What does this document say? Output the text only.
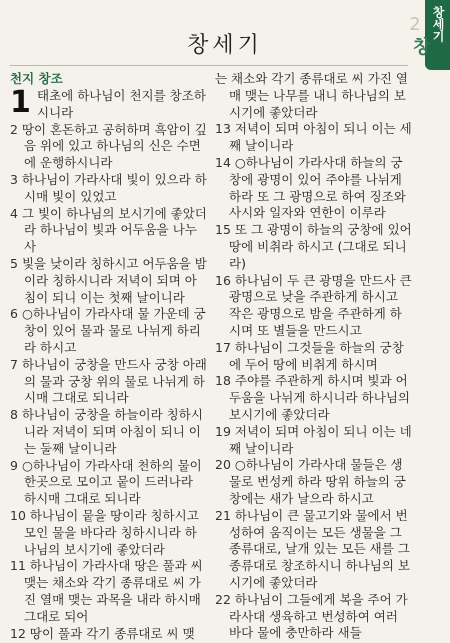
2 창세기
창
창세기
천지 창조

1 태초에 하나님이 천지를 창조하시니라

2 땅이 혼돈하고 공허하며 흑암이 깊음 위에 있고 하나님의 신은 수면에 운행하시니라

3 하나님이 가라사대 빛이 있으라 하시매 빛이 있었고

4 그 빛이 하나님의 보시기에 좋았더라 하나님이 빛과 어두움을 나누사

5 빛을 낮이라 칭하시고 어두움을 밤이라 칭하시니라 저녁이 되며 아침이 되니 이는 첫째 날이니라

6 ○하나님이 가라사대 물 가운데 궁창이 있어 물과 물로 나뉘게 하리라 하시고

7 하나님이 궁창을 만드사 궁창 아래의 물과 궁창 위의 물로 나뉘게 하시매 그대로 되니라

8 하나님이 궁창을 하늘이라 칭하시니라 저녁이 되며 아침이 되니 이는 둘째 날이니라

9 ○하나님이 가라사대 천하의 물이 한곳으로 모이고 뭍이 드러나라 하시매 그대로 되니라

10 하나님이 뭍을 땅이라 칭하시고 모인 물을 바다라 칭하시니라 하나님의 보시기에 좋았더라

11 하나님이 가라사대 땅은 풀과 씨 맺는 채소와 각기 종류대로 씨 가진 열매 맺는 과목을 내라 하시매 그대로 되어

12 땅이 풀과 각기 종류대로 씨 맺

는 채소와 각기 종류대로 씨 가진 열매 맺는 나무를 내니 하나님의 보시기에 좋았더라

13 저녁이 되며 아침이 되니 이는 세째 날이니라

14 ○하나님이 가라사대 하늘의 궁창에 광명이 있어 주야를 나뉘게 하라 또 그 광명으로 하여 징조와 사시와 일자와 연한이 이루라

15 또 그 광명이 하늘의 궁창에 있어 땅에 비취라 하시고 (그대로 되니라)

16 하나님이 두 큰 광명을 만드사 큰 광명으로 낮을 주관하게 하시고 작은 광명으로 밤을 주관하게 하시며 또 별들을 만드시고

17 하나님이 그것들을 하늘의 궁창에 두어 땅에 비취게 하시며

18 주야를 주관하게 하시며 빛과 어두움을 나뉘게 하시니라 하나님의 보시기에 좋았더라

19 저녁이 되며 아침이 되니 이는 네째 날이니라

20 ○하나님이 가라사대 물들은 생물로 번성케 하라 땅위 하늘의 궁창에는 새가 날으라 하시고

21 하나님이 큰 물고기와 물에서 번성하여 움직이는 모든 생물을 그 종류대로, 날개 있는 모든 새를 그 종류대로 창조하시니 하나님의 보시기에 좋았더라

22 하나님이 그들에게 복을 주어 가라사대 생육하고 번성하여 여러 바다 물에 충만하라 새들
